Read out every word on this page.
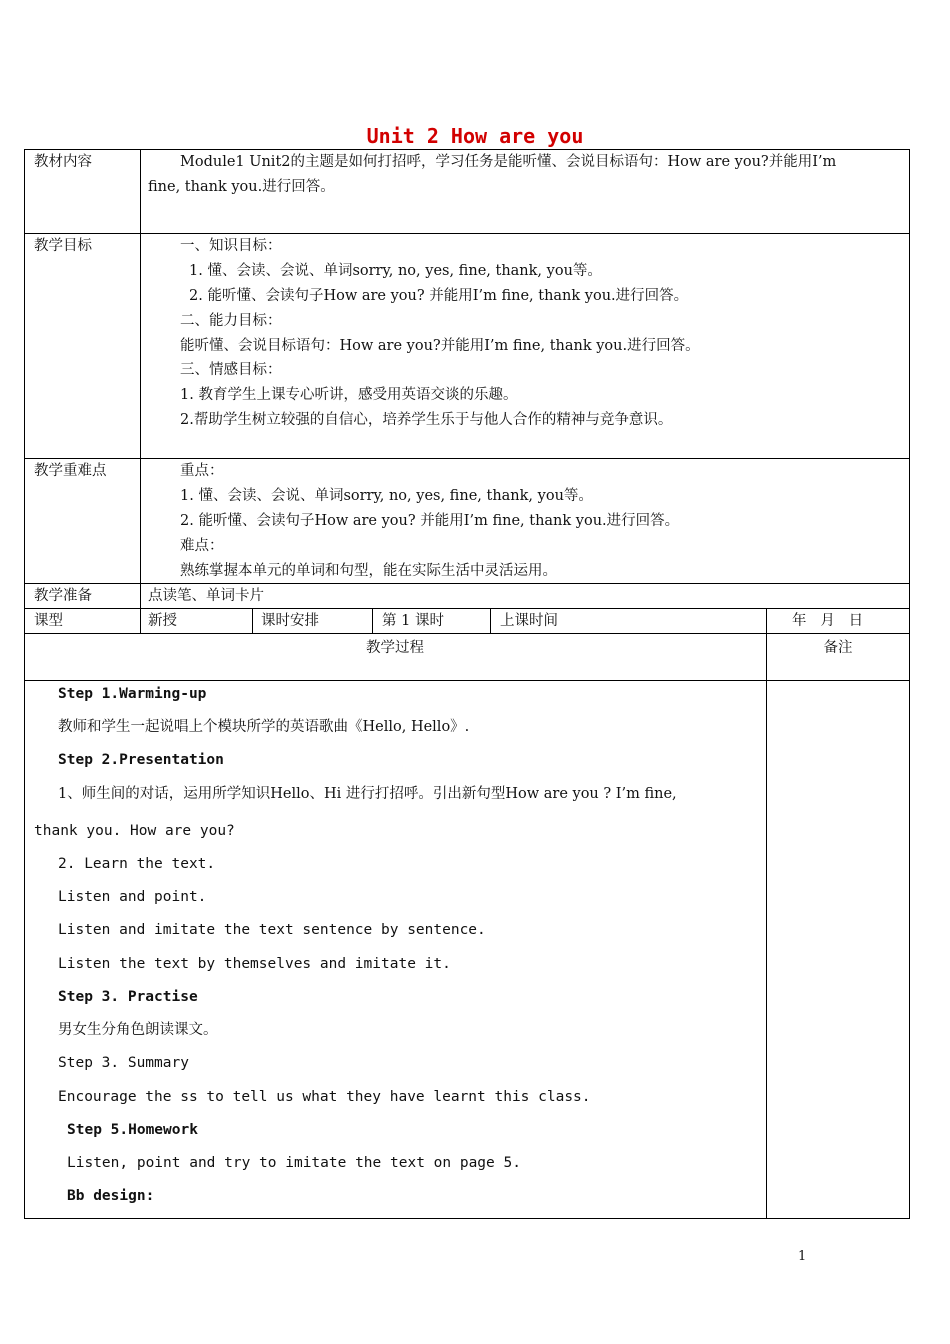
Unit 2 How are you
教材内容	Module1 Unit2的主题是如何打招呼，学习任务是能听懂、会说目标语句：How are you?并能用I’m
fine, thank you.进行回答。
教学目标	一、知识目标：
1. 懂、会读、会说、单词sorry, no, yes, fine, thank, you等。
2. 能听懂、会读句子How are you? 并能用I’m fine, thank you.进行回答。
二、能力目标：
能听懂、会说目标语句：How are you?并能用I’m fine, thank you.进行回答。
三、情感目标：
1. 教育学生上课专心听讲，感受用英语交谈的乐趣。
2.帮助学生树立较强的自信心，培养学生乐于与他人合作的精神与竞争意识。
教学重难点	重点：
1. 懂、会读、会说、单词sorry, no, yes, fine, thank, you等。
2. 能听懂、会读句子How are you? 并能用I’m fine, thank you.进行回答。
难点：
熟练掌握本单元的单词和句型，能在实际生活中灵活运用。
教学准备	点读笔、单词卡片
课型	新授	课时安排	第 1 课时	上课时间	年   月   日
教学过程	备注
Step 1.Warming-up
教师和学生一起说唱上个模块所学的英语歌曲《Hello, Hello》.
Step 2.Presentation
1、师生间的对话，运用所学知识Hello、Hi 进行打招呼。引出新句型How are you ? I’m fine,
thank you. How are you?
2. Learn the text.
Listen and point.
Listen and imitate the text sentence by sentence.
Listen the text by themselves and imitate it.
Step 3. Practise
男女生分角色朗读课文。
Step 3. Summary
Encourage the ss to tell us what they have learnt this class.
Step 5.Homework
Listen, point and try to imitate the text on page 5.
Bb design:
1
